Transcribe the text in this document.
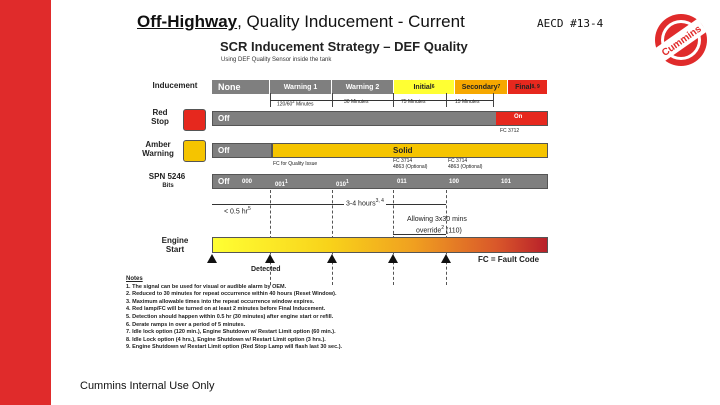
Off-Highway, Quality Inducement - Current	AECD #13-4
Cummins
SCR Inducement Strategy – DEF Quality
Using DEF Quality Sensor inside the tank
Inducement	None	Warning 1	Warning 2	Initial 6	Secondary 7 Final 8, 9
$120/60^2$ Minutes	30 Minutes	75 Minutes	15 Minutes
Red
Stop	Off	On
FC 3712
Amber
Warning	Off	Solid
FC for Quality Issue	FC 3714
4863 (Optional)
FC 3714
4863 (Optional)
SPN 5246
Bits	Off 000	$001^1$	$010^1$	011	100	101
< 0.5 $hr^5$
3-4 hours$^{3, 4}$
Allowing 3x30 mins
override$^2$ (110)
Engine
Start
Detected
FC = Fault Code
Notes
1. The signal can be used for visual or audible alarm by OEM.
2. Reduced to 30 minutes for repeat occurrence within 40 hours (Reset Window).
3. Maximum allowable times into the repeat occurrence window expires.
4. Red lamp/FC will be turned on at least 2 minutes before Final Inducement.
5. Detection should happen within 0.5 hr (30 minutes) after engine start or refill.
6. Derate ramps in over a period of 5 minutes.
7. Idle lock option (120 min.), Engine Shutdown w/ Restart Limit option (60 min.).
8. Idle Lock option (4 hrs.), Engine Shutdown w/ Restart Limit option (3 hrs.).
9. Engine Shutdown w/ Restart Limit option (Red Stop Lamp will flash last 30 sec.).
Cummins Internal Use Only
